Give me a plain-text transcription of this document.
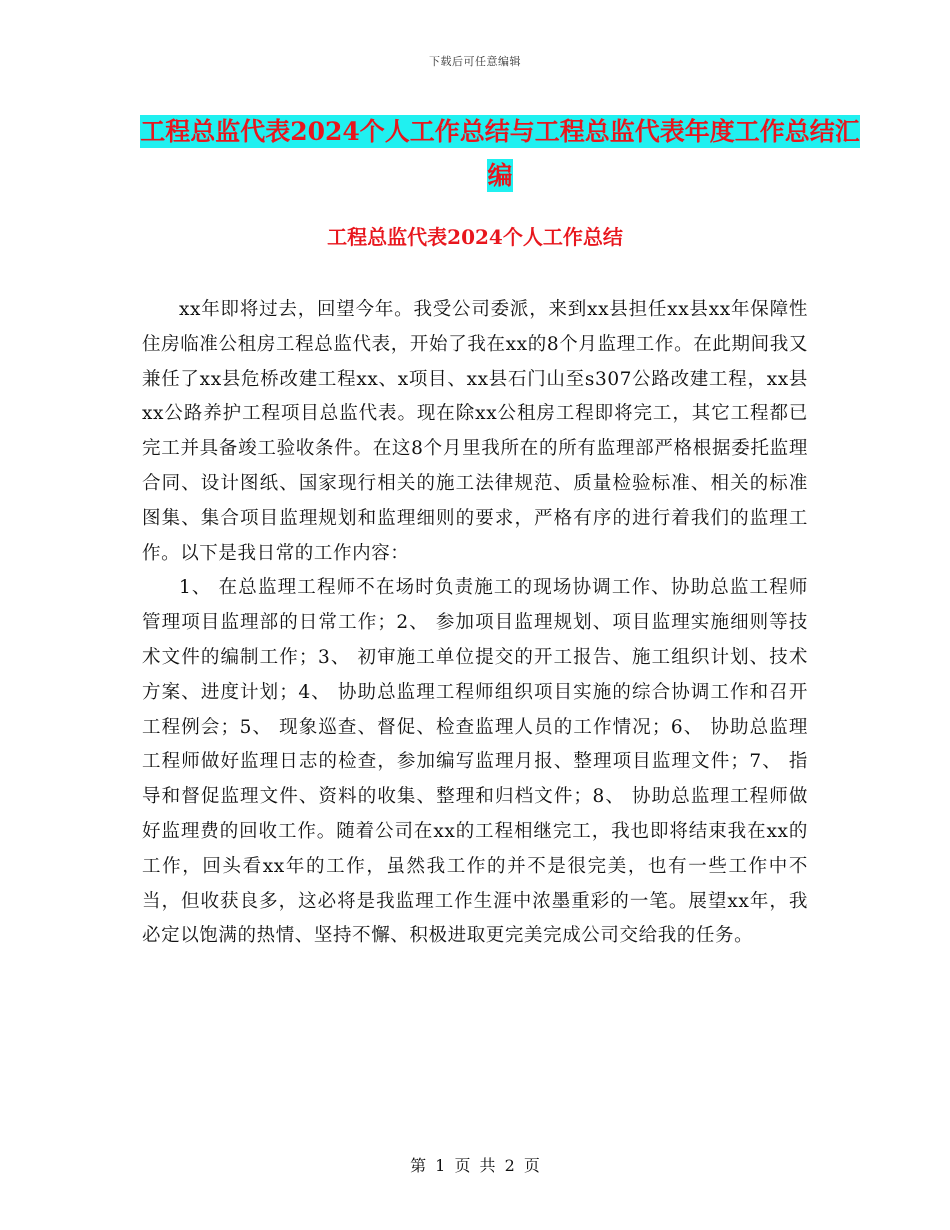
下载后可任意编辑
工程总监代表2024个人工作总结与工程总监代表年度工作总结汇编
工程总监代表2024个人工作总结

xx年即将过去，回望今年。我受公司委派，来到xx县担任xx县xx年保障性住房临准公租房工程总监代表，开始了我在xx的8个月监理工作。在此期间我又兼任了xx县危桥改建工程xx、x项目、xx县石门山至s307公路改建工程，xx县xx公路养护工程项目总监代表。现在除xx公租房工程即将完工，其它工程都已完工并具备竣工验收条件。在这8个月里我所在的所有监理部严格根据委托监理合同、设计图纸、国家现行相关的施工法律规范、质量检验标准、相关的标准图集、集合项目监理规划和监理细则的要求，严格有序的进行着我们的监理工作。以下是我日常的工作内容：

1、 在总监理工程师不在场时负责施工的现场协调工作、协助总监工程师管理项目监理部的日常工作；2、 参加项目监理规划、项目监理实施细则等技术文件的编制工作；3、 初审施工单位提交的开工报告、施工组织计划、技术方案、进度计划；4、 协助总监理工程师组织项目实施的综合协调工作和召开工程例会；5、 现象巡查、督促、检查监理人员的工作情况；6、 协助总监理工程师做好监理日志的检查，参加编写监理月报、整理项目监理文件；7、 指导和督促监理文件、资料的收集、整理和归档文件；8、 协助总监理工程师做好监理费的回收工作。随着公司在xx的工程相继完工，我也即将结束我在xx的工作，回头看xx年的工作，虽然我工作的并不是很完美，也有一些工作中不当，但收获良多，这必将是我监理工作生涯中浓墨重彩的一笔。展望xx年，我必定以饱满的热情、坚持不懈、积极进取更完美完成公司交给我的任务。

第 1 页 共 2 页
